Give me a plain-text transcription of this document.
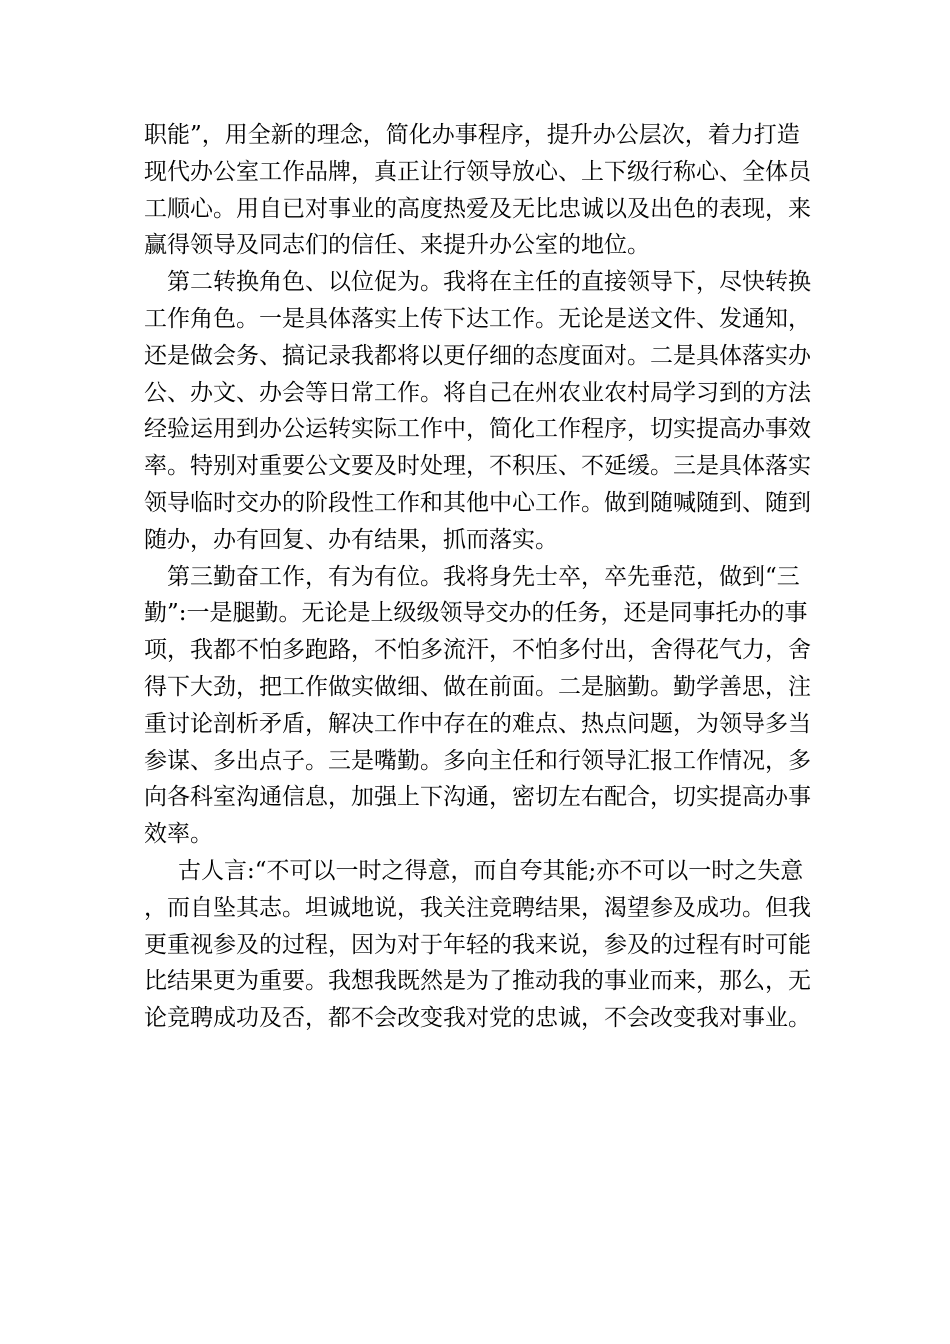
职能”，用全新的理念，简化办事程序，提升办公层次，着力打造现代办公室工作品牌，真正让行领导放心、上下级行称心、全体员工顺心。用自已对事业的高度热爱及无比忠诚以及出色的表现，来赢得领导及同志们的信任、来提升办公室的地位。

第二转换角色、以位促为。我将在主任的直接领导下，尽快转换工作角色。一是具体落实上传下达工作。无论是送文件、发通知，还是做会务、搞记录我都将以更仔细的态度面对。二是具体落实办公、办文、办会等日常工作。将自己在州农业农村局学习到的方法经验运用到办公运转实际工作中，简化工作程序，切实提高办事效率。特别对重要公文要及时处理，不积压、不延缓。三是具体落实领导临时交办的阶段性工作和其他中心工作。做到随喊随到、随到随办，办有回复、办有结果，抓而落实。

第三勤奋工作，有为有位。我将身先士卒，卒先垂范，做到“三勤”:一是腿勤。无论是上级级领导交办的任务，还是同事托办的事项，我都不怕多跑路，不怕多流汗，不怕多付出，舍得花气力，舍得下大劲，把工作做实做细、做在前面。二是脑勤。勤学善思，注重讨论剖析矛盾，解决工作中存在的难点、热点问题，为领导多当参谋、多出点子。三是嘴勤。多向主任和行领导汇报工作情况，多向各科室沟通信息，加强上下沟通，密切左右配合，切实提高办事效率。

古人言:“不可以一时之得意，而自夸其能;亦不可以一时之失意，而自坠其志。坦诚地说，我关注竞聘结果，渴望参及成功。但我更重视参及的过程，因为对于年轻的我来说，参及的过程有时可能比结果更为重要。我想我既然是为了推动我的事业而来，那么，无论竞聘成功及否，都不会改变我对党的忠诚，不会改变我对事业。
